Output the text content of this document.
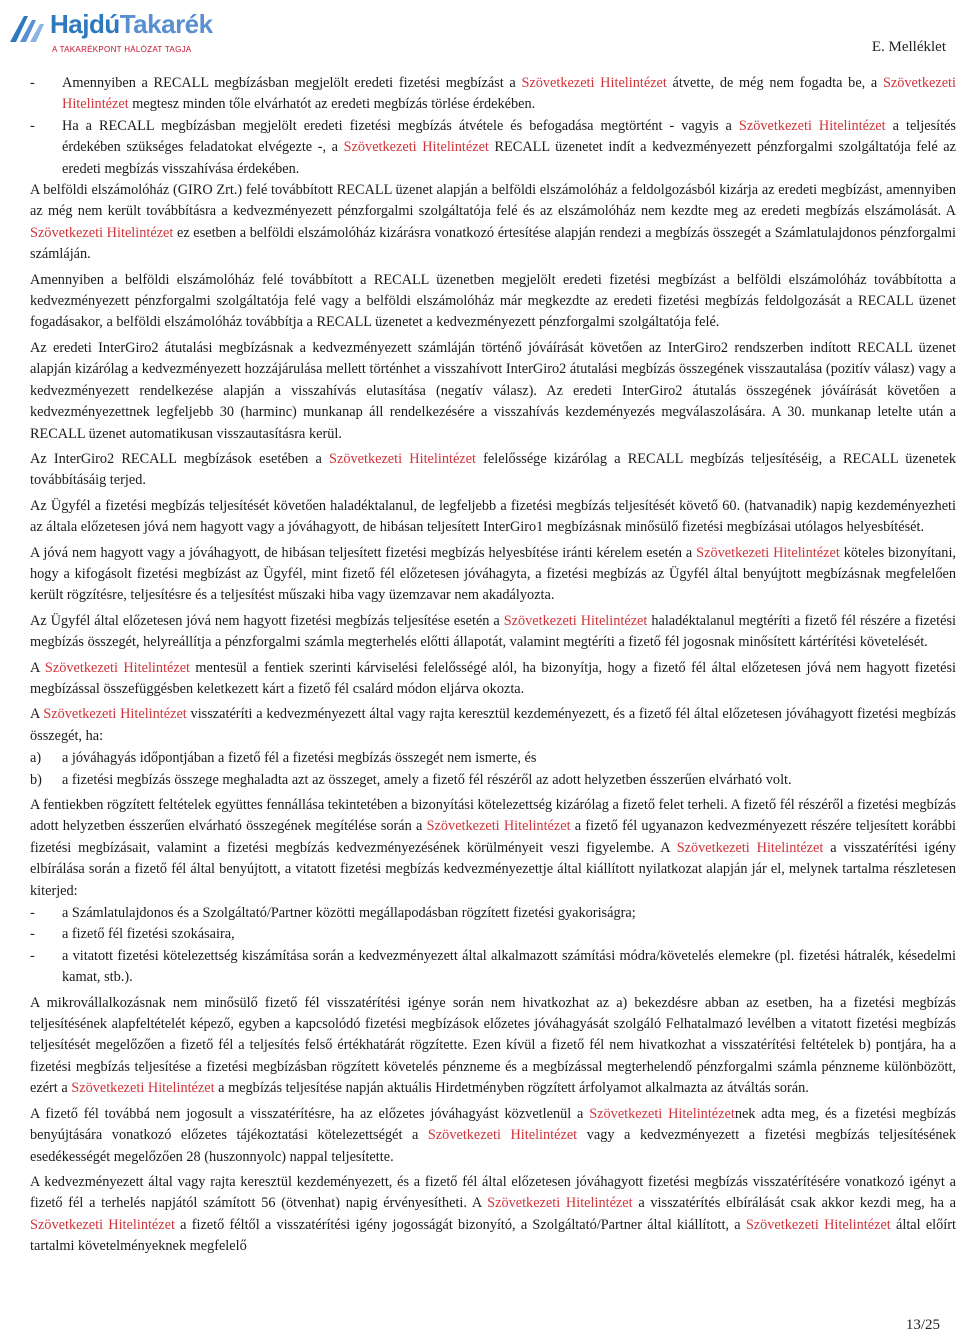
HajdúTakarék
A TAKARÉKPONT HÁLÓZAT TAGJA	E. Melléklet
- Amennyiben a RECALL megbízásban megjelölt eredeti fizetési megbízást a Szövetkezeti Hitelintézet átvette, de még nem fogadta be, a Szövetkezeti Hitelintézet megtesz minden tőle elvárhatót az eredeti megbízás törlése érdekében.
- Ha a RECALL megbízásban megjelölt eredeti fizetési megbízás átvétele és befogadása megtörtént - vagyis a Szövetkezeti Hitelintézet a teljesítés érdekében szükséges feladatokat elvégezte -, a Szövetkezeti Hitelintézet RECALL üzenetet indít a kedvezményezett pénzforgalmi szolgáltatója felé az eredeti megbízás visszahívása érdekében.
A belföldi elszámolóház (GIRO Zrt.) felé továbbított RECALL üzenet alapján a belföldi elszámolóház a feldolgozásból kizárja az eredeti megbízást, amennyiben az még nem került továbbításra a kedvezményezett pénzforgalmi szolgáltatója felé és az elszámolóház nem kezdte meg az eredeti megbízás elszámolását. A Szövetkezeti Hitelintézet ez esetben a belföldi elszámolóház kizárásra vonatkozó értesítése alapján rendezi a megbízás összegét a Számlatulajdonos pénzforgalmi számláján.
Amennyiben a belföldi elszámolóház felé továbbított a RECALL üzenetben megjelölt eredeti fizetési megbízást a belföldi elszámolóház továbbította a kedvezményezett pénzforgalmi szolgáltatója felé vagy a belföldi elszámolóház már megkezdte az eredeti fizetési megbízás feldolgozását a RECALL üzenet fogadásakor, a belföldi elszámolóház továbbítja a RECALL üzenetet a kedvezményezett pénzforgalmi szolgáltatója felé.
Az eredeti InterGiro2 átutalási megbízásnak a kedvezményezett számláján történő jóváírását követően az InterGiro2 rendszerben indított RECALL üzenet alapján kizárólag a kedvezményezett hozzájárulása mellett történhet a visszahívott InterGiro2 átutalási megbízás összegének visszautalása (pozitív válasz) vagy a kedvezményezett rendelkezése alapján a visszahívás elutasítása (negatív válasz). Az eredeti InterGiro2 átutalás összegének jóváírását követően a kedvezményezettnek legfeljebb 30 (harminc) munkanap áll rendelkezésére a visszahívás kezdeményezés megválaszolására. A 30. munkanap letelte után a RECALL üzenet automatikusan visszautasításra kerül.
Az InterGiro2 RECALL megbízások esetében a Szövetkezeti Hitelintézet felelőssége kizárólag a RECALL megbízás teljesítéséig, a RECALL üzenetek továbbításáig terjed.
Az Ügyfél a fizetési megbízás teljesítését követően haladéktalanul, de legfeljebb a fizetési megbízás teljesítését követő 60. (hatvanadik) napig kezdeményezheti az általa előzetesen jóvá nem hagyott vagy a jóváhagyott, de hibásan teljesített InterGiro1 megbízásnak minősülő fizetési megbízásai utólagos helyesbítését.
A jóvá nem hagyott vagy a jóváhagyott, de hibásan teljesített fizetési megbízás helyesbítése iránti kérelem esetén a Szövetkezeti Hitelintézet köteles bizonyítani, hogy a kifogásolt fizetési megbízást az Ügyfél, mint fizető fél előzetesen jóváhagyta, a fizetési megbízás az Ügyfél által benyújtott megbízásnak megfelelően került rögzítésre, teljesítésre és a teljesítést műszaki hiba vagy üzemzavar nem akadályozta.
Az Ügyfél által előzetesen jóvá nem hagyott fizetési megbízás teljesítése esetén a Szövetkezeti Hitelintézet haladéktalanul megtéríti a fizető fél részére a fizetési megbízás összegét, helyreállítja a pénzforgalmi számla megterhelés előtti állapotát, valamint megtéríti a fizető fél jogosnak minősített kártérítési követelését.
A Szövetkezeti Hitelintézet mentesül a fentiek szerinti kárviselési felelősségé alól, ha bizonyítja, hogy a fizető fél által előzetesen jóvá nem hagyott fizetési megbízással összefüggésben keletkezett kárt a fizető fél csalárd módon eljárva okozta.
A Szövetkezeti Hitelintézet visszatéríti a kedvezményezett által vagy rajta keresztül kezdeményezett, és a fizető fél által előzetesen jóváhagyott fizetési megbízás összegét, ha:
a) a jóváhagyás időpontjában a fizető fél a fizetési megbízás összegét nem ismerte, és
b) a fizetési megbízás összege meghaladta azt az összeget, amely a fizető fél részéről az adott helyzetben ésszerűen elvárható volt.
A fentiekben rögzített feltételek együttes fennállása tekintetében a bizonyítási kötelezettség kizárólag a fizető felet terheli. A fizető fél részéről a fizetési megbízás adott helyzetben ésszerűen elvárható összegének megítélése során a Szövetkezeti Hitelintézet a fizető fél ugyanazon kedvezményezett részére teljesített korábbi fizetési megbízásait, valamint a fizetési megbízás kedvezményezésének körülményeit veszi figyelembe. A Szövetkezeti Hitelintézet a visszatérítési igény elbírálása során a fizető fél által benyújtott, a vitatott fizetési megbízás kedvezményezettje által kiállított nyilatkozat alapján jár el, melynek tartalma részletesen kiterjed:
- a Számlatulajdonos és a Szolgáltató/Partner közötti megállapodásban rögzített fizetési gyakoriságra;
- a fizető fél fizetési szokásaira,
- a vitatott fizetési kötelezettség kiszámítása során a kedvezményezett által alkalmazott számítási módra/követelés elemekre (pl. fizetési hátralék, késedelmi kamat, stb.).
A mikrovállalkozásnak nem minősülő fizető fél visszatérítési igénye során nem hivatkozhat az a) bekezdésre abban az esetben, ha a fizetési megbízás teljesítésének alapfeltételét képező, egyben a kapcsolódó fizetési megbízások előzetes jóváhagyását szolgáló Felhatalmazó levélben a vitatott fizetési megbízás teljesítését megelőzően a fizető fél a teljesítés felső értékhatárát rögzítette. Ezen kívül a fizető fél nem hivatkozhat a visszatérítési feltételek b) pontjára, ha a fizetési megbízás teljesítése a fizetési megbízásban rögzített követelés pénzneme és a megbízással megterhelendő pénzforgalmi számla pénzneme különbözött, ezért a Szövetkezeti Hitelintézet a megbízás teljesítése napján aktuális Hirdetményben rögzített árfolyamot alkalmazta az átváltás során.
A fizető fél továbbá nem jogosult a visszatérítésre, ha az előzetes jóváhagyást közvetlenül a Szövetkezeti Hitelintézetnek adta meg, és a fizetési megbízás benyújtására vonatkozó előzetes tájékoztatási kötelezettségét a Szövetkezeti Hitelintézet vagy a kedvezményezett a fizetési megbízás teljesítésének esedékességét megelőzően 28 (huszonnyolc) nappal teljesítette.
A kedvezményezett által vagy rajta keresztül kezdeményezett, és a fizető fél által előzetesen jóváhagyott fizetési megbízás visszatérítésére vonatkozó igényt a fizető fél a terhelés napjától számított 56 (ötvenhat) napig érvényesítheti. A Szövetkezeti Hitelintézet a visszatérítés elbírálását csak akkor kezdi meg, ha a Szövetkezeti Hitelintézet a fizető féltől a visszatérítési igény jogosságát bizonyító, a Szolgáltató/Partner által kiállított, a Szövetkezeti Hitelintézet által előírt tartalmi követelményeknek megfelelő
13/25
